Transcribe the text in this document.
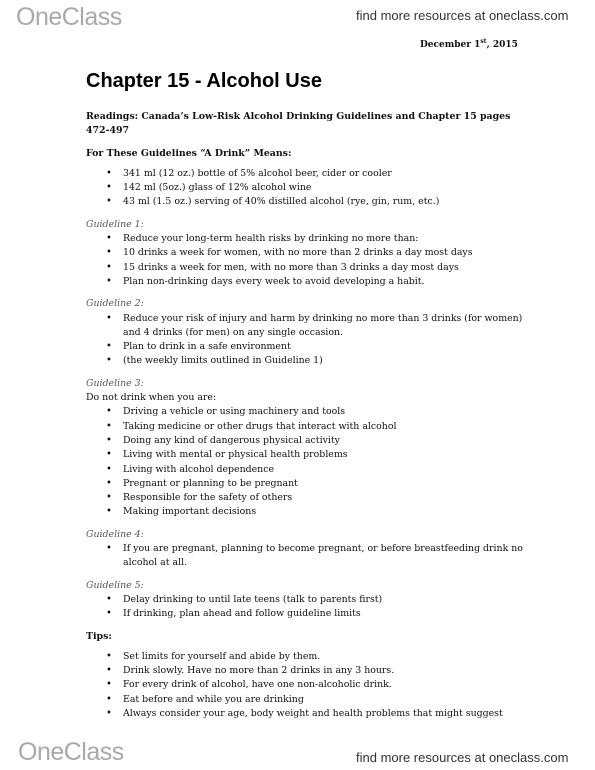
OneClass	find more resources at oneclass.com
December 1st, 2015
Chapter 15 - Alcohol Use

Readings: Canada’s Low-Risk Alcohol Drinking Guidelines and Chapter 15 pages 472-497

For These Guidelines “A Drink” Means:

• 341 ml (12 oz.) bottle of 5% alcohol beer, cider or cooler
• 142 ml (5oz.) glass of 12% alcohol wine
• 43 ml (1.5 oz.) serving of 40% distilled alcohol (rye, gin, rum, etc.)

Guideline 1:

• Reduce your long-term health risks by drinking no more than:
• 10 drinks a week for women, with no more than 2 drinks a day most days
• 15 drinks a week for men, with no more than 3 drinks a day most days
• Plan non-drinking days every week to avoid developing a habit.

Guideline 2:

• Reduce your risk of injury and harm by drinking no more than 3 drinks (for women) and 4 drinks (for men) on any single occasion.
• Plan to drink in a safe environment
• (the weekly limits outlined in Guideline 1)

Guideline 3:

Do not drink when you are:

• Driving a vehicle or using machinery and tools
• Taking medicine or other drugs that interact with alcohol
• Doing any kind of dangerous physical activity
• Living with mental or physical health problems
• Living with alcohol dependence
• Pregnant or planning to be pregnant
• Responsible for the safety of others
• Making important decisions

Guideline 4:

• If you are pregnant, planning to become pregnant, or before breastfeeding drink no alcohol at all.

Guideline 5:

• Delay drinking to until late teens (talk to parents first)
• If drinking, plan ahead and follow guideline limits

Tips:

• Set limits for yourself and abide by them.
• Drink slowly. Have no more than 2 drinks in any 3 hours.
• For every drink of alcohol, have one non-alcoholic drink.
• Eat before and while you are drinking
• Always consider your age, body weight and health problems that might suggest
OneClass	find more resources at oneclass.com
